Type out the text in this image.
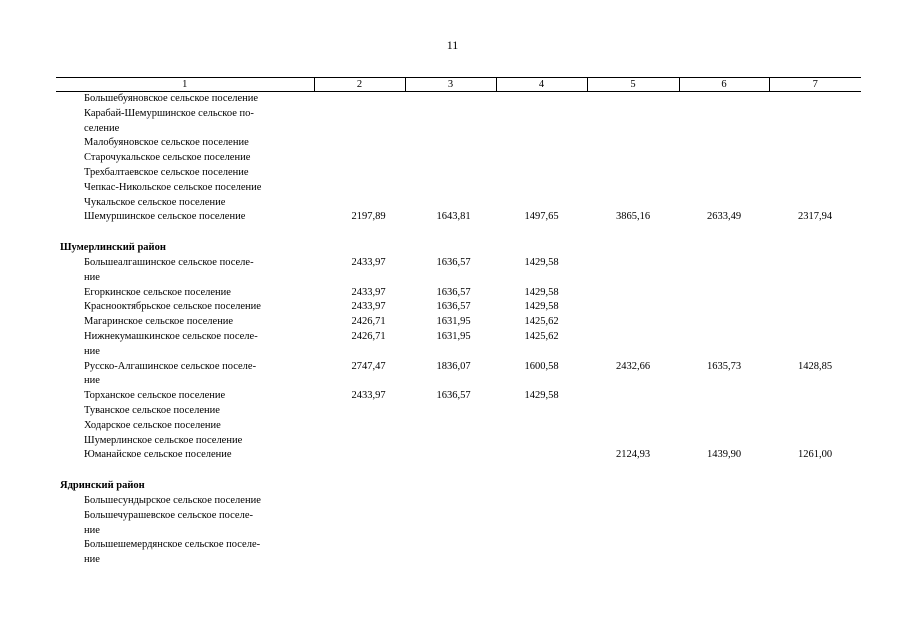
11
1	2	3	4	5	6	7
Большебуяновское сельское поселение						
Карабай-Шемуршинское сельское по-
селение						
Малобуяновское сельское поселение						
Старочукальское сельское поселение						
Трехбалтаевское сельское поселение						
Чепкас-Никольское сельское поселение						
Чукальское сельское поселение						
Шемуршинское сельское поселение	2197,89	1643,81	1497,65	3865,16	2633,49	2317,94

Шумерлинский район						
Большеалгашинское сельское поселе-
ние	2433,97	1636,57	1429,58			
Егоркинское сельское поселение	2433,97	1636,57	1429,58			
Краснооктябрьское сельское поселение	2433,97	1636,57	1429,58			
Магаринское сельское поселение	2426,71	1631,95	1425,62			
Нижнекумашкинское сельское поселе-
ние	2426,71	1631,95	1425,62			
Русско-Алгашинское сельское поселе-
ние	2747,47	1836,07	1600,58	2432,66	1635,73	1428,85
Торханское сельское поселение	2433,97	1636,57	1429,58			
Туванское сельское поселение						
Ходарское сельское поселение						
Шумерлинское сельское поселение						
Юманайское сельское поселение				2124,93	1439,90	1261,00

Ядринский район						
Большесундырское сельское поселение						
Большечурашевское сельское поселе-
ние						
Большешемердянское сельское поселе-
ние						
